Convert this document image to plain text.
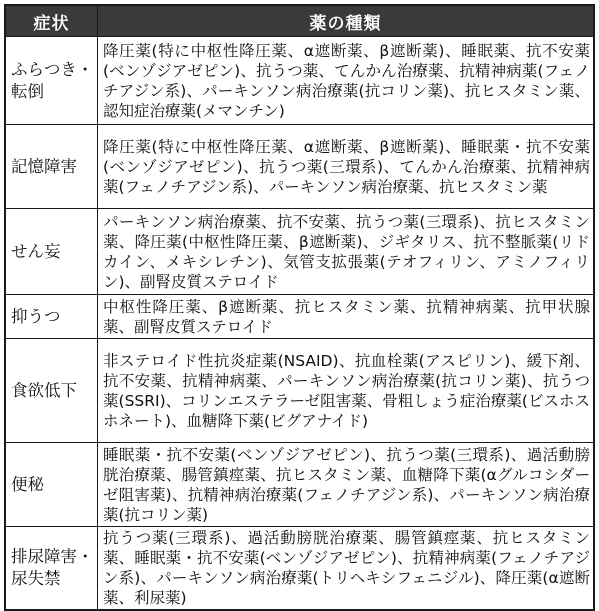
症状	薬の種類
ふらつき・
転倒	降圧薬(特に中枢性降圧薬、α遮断薬、β遮断薬)、睡眠薬、抗不安薬(ベンゾジアゼピン)、抗うつ薬、てんかん治療薬、抗精神病薬(フェノチアジン系)、パーキンソン病治療薬(抗コリン薬)、抗ヒスタミン薬、認知症治療薬(メマンチン)
記憶障害	降圧薬(特に中枢性降圧薬、α遮断薬、β遮断薬)、睡眠薬・抗不安薬(ベンゾジアゼピン)、抗うつ薬(三環系)、てんかん治療薬、抗精神病薬(フェノチアジン系)、パーキンソン病治療薬、抗ヒスタミン薬
せん妄	パーキンソン病治療薬、抗不安薬、抗うつ薬(三環系)、抗ヒスタミン薬、降圧薬(中枢性降圧薬、β遮断薬)、ジギタリス、抗不整脈薬(リドカイン、メキシレチン)、気管支拡張薬(テオフィリン、アミノフィリン)、副腎皮質ステロイド
抑うつ	中枢性降圧薬、β遮断薬、抗ヒスタミン薬、抗精神病薬、抗甲状腺薬、副腎皮質ステロイド
食欲低下	非ステロイド性抗炎症薬(NSAID)、抗血栓薬(アスピリン)、緩下剤、抗不安薬、抗精神病薬、パーキンソン病治療薬(抗コリン薬)、抗うつ薬(SSRI)、コリンエステラーゼ阻害薬、骨粗しょう症治療薬(ビスホスホネート)、血糖降下薬(ビグアナイド)
便秘	睡眠薬・抗不安薬(ベンゾジアゼピン)、抗うつ薬(三環系)、過活動膀胱治療薬、腸管鎮痙薬、抗ヒスタミン薬、血糖降下薬(αグルコシダーゼ阻害薬)、抗精神病治療薬(フェノチアジン系)、パーキンソン病治療薬(抗コリン薬)
排尿障害・
尿失禁	抗うつ薬(三環系)、過活動膀胱治療薬、腸管鎮痙薬、抗ヒスタミン薬、睡眠薬・抗不安薬(ベンゾジアゼピン)、抗精神病薬(フェノチアジン系)、パーキンソン病治療薬(トリヘキシフェニジル)、降圧薬(α遮断薬、利尿薬)
